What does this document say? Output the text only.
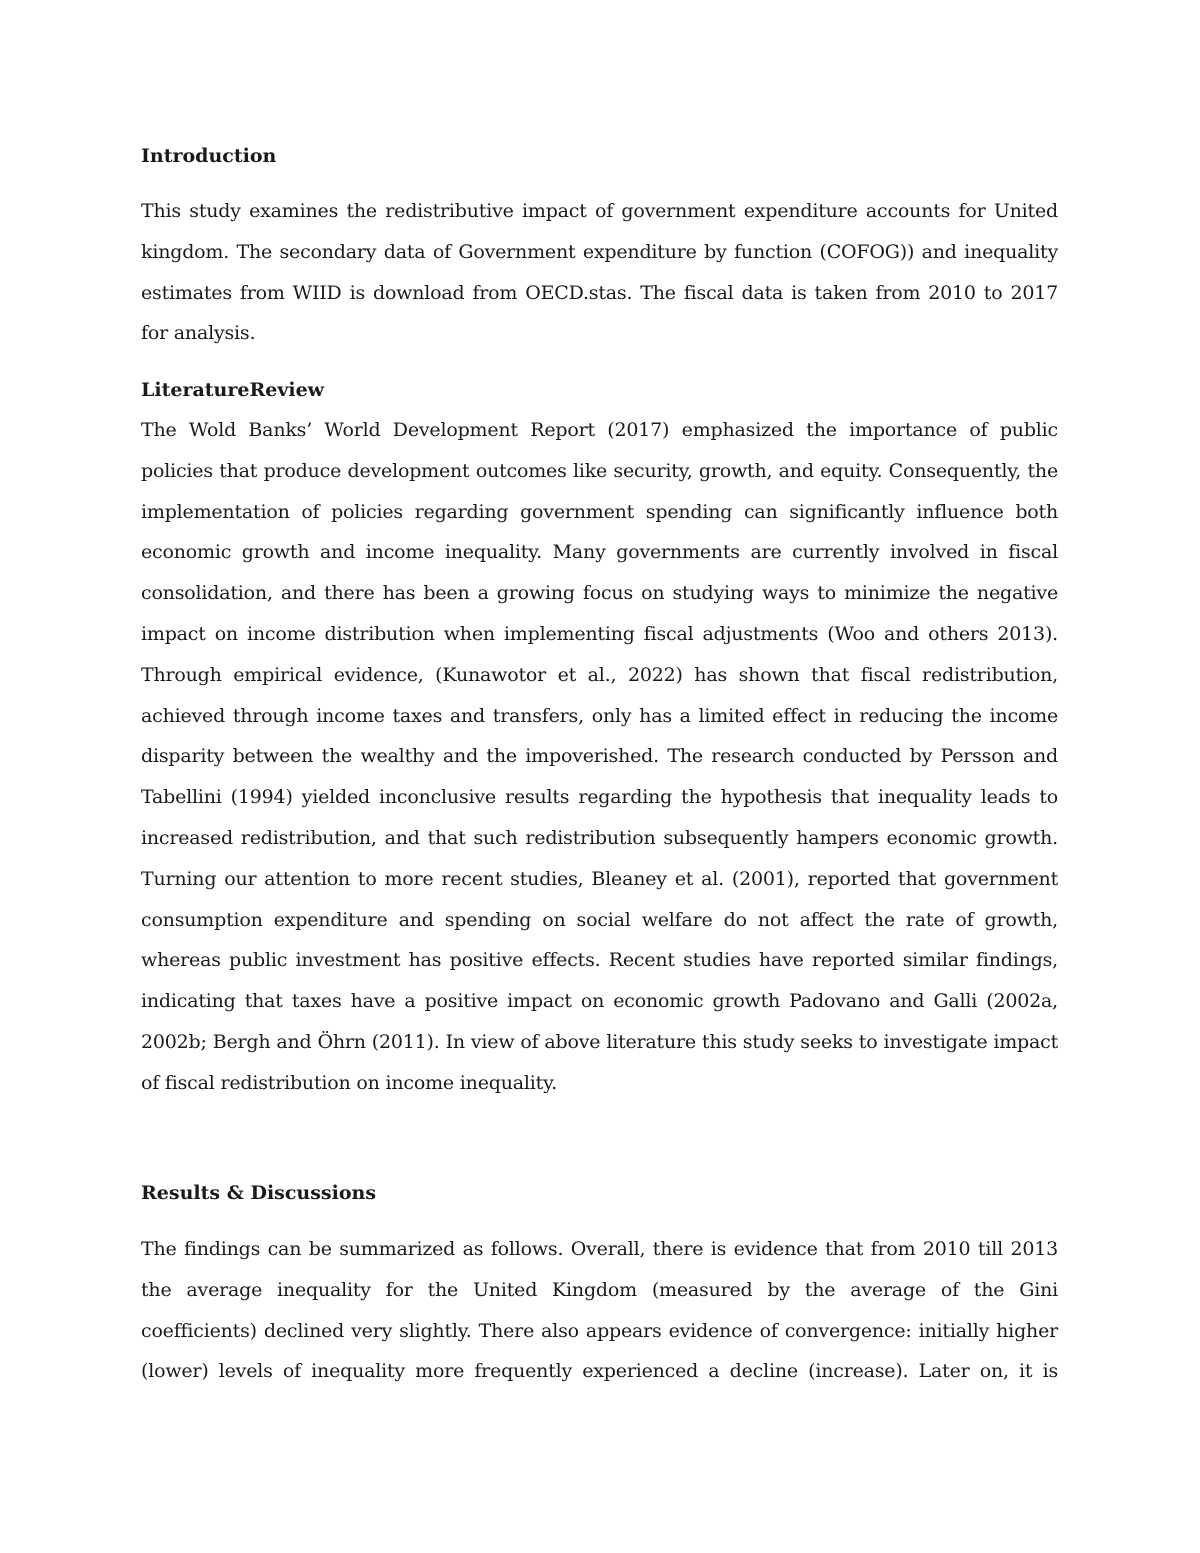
Introduction

This study examines the redistributive impact of government expenditure accounts for United
kingdom. The secondary data of Government expenditure by function (COFOG)) and inequality
estimates from WIID is download from OECD.stas. The fiscal data is taken from 2010 to 2017
for analysis.

LiteratureReview

The Wold Banks’ World Development Report (2017) emphasized the importance of public
policies that produce development outcomes like security, growth, and equity. Consequently, the
implementation of policies regarding government spending can significantly influence both
economic growth and income inequality. Many governments are currently involved in fiscal
consolidation, and there has been a growing focus on studying ways to minimize the negative
impact on income distribution when implementing fiscal adjustments (Woo and others 2013).
Through empirical evidence, (Kunawotor et al., 2022) has shown that fiscal redistribution,
achieved through income taxes and transfers, only has a limited effect in reducing the income
disparity between the wealthy and the impoverished. The research conducted by Persson and
Tabellini (1994) yielded inconclusive results regarding the hypothesis that inequality leads to
increased redistribution, and that such redistribution subsequently hampers economic growth.
Turning our attention to more recent studies, Bleaney et al. (2001), reported that government
consumption expenditure and spending on social welfare do not affect the rate of growth,
whereas public investment has positive effects. Recent studies have reported similar findings,
indicating that taxes have a positive impact on economic growth Padovano and Galli (2002a,
2002b; Bergh and Öhrn (2011). In view of above literature this study seeks to investigate impact
of fiscal redistribution on income inequality.

Results & Discussions

The findings can be summarized as follows. Overall, there is evidence that from 2010 till 2013
the average inequality for the United Kingdom (measured by the average of the Gini
coefficients) declined very slightly. There also appears evidence of convergence: initially higher
(lower) levels of inequality more frequently experienced a decline (increase). Later on, it is
